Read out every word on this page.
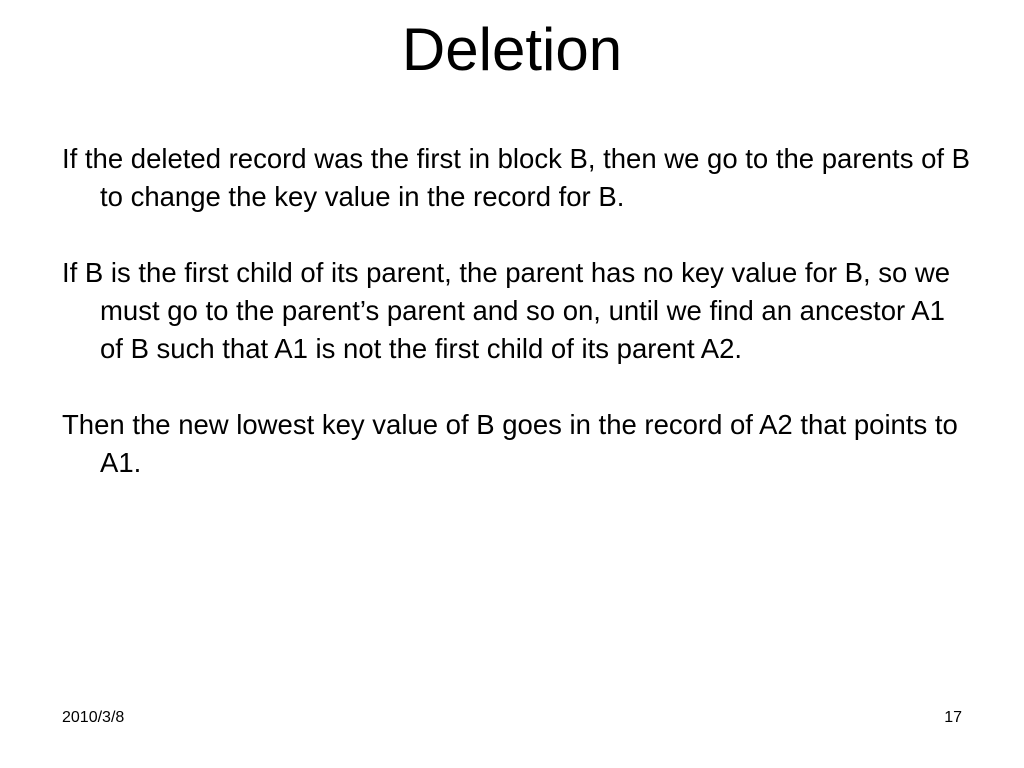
Deletion

If the deleted record was the first in block B, then we go to the parents of B to change the key value in the record for B.

If B is the first child of its parent, the parent has no key value for B, so we must go to the parent’s parent and so on, until we find an ancestor A1 of B such that A1 is not the first child of its parent A2.

Then the new lowest key value of B goes in the record of A2 that points to A1.

2010/3/8	17
